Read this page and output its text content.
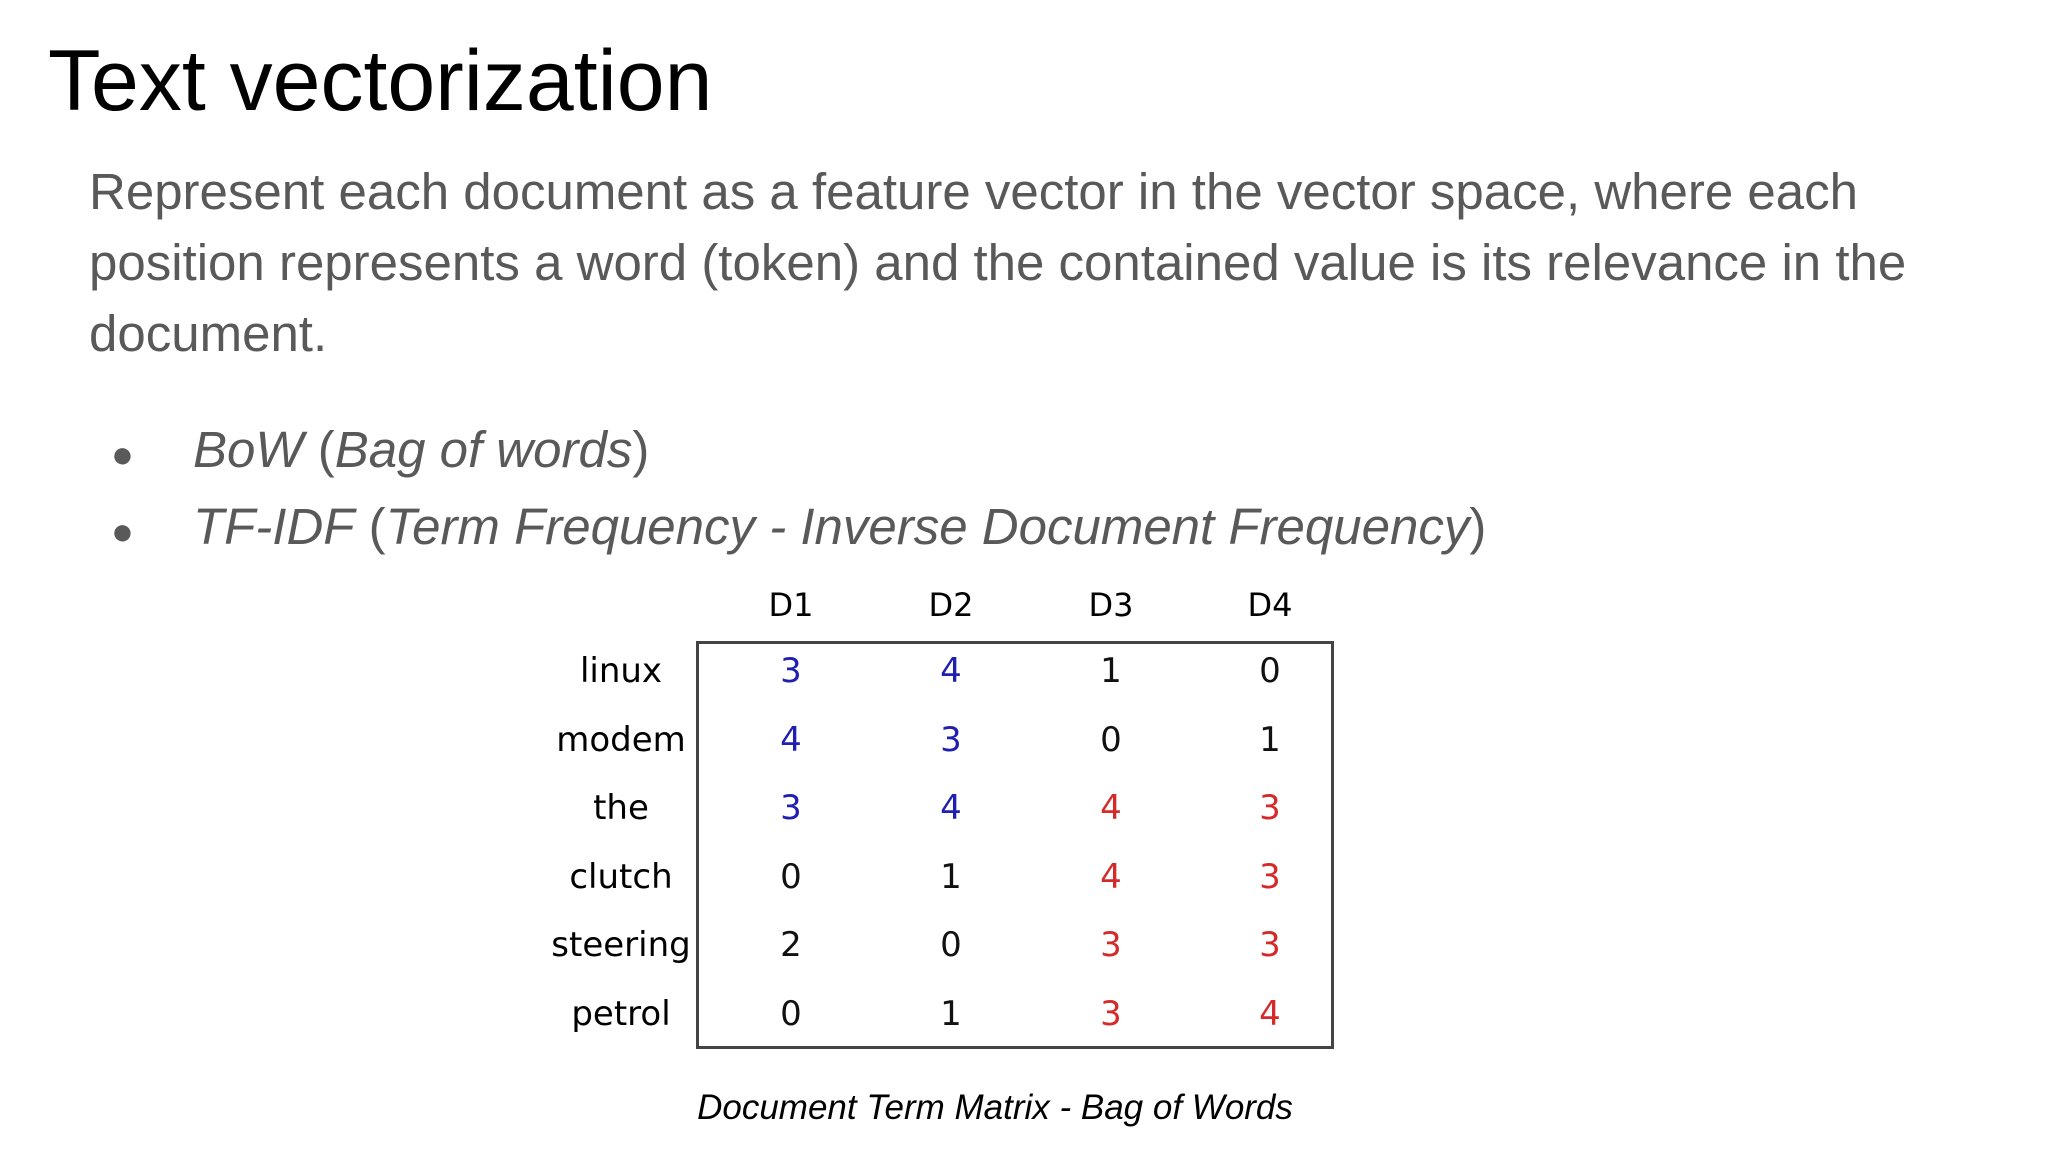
Text vectorization

Represent each document as a feature vector in the vector space, where each position represents a word (token) and the contained value is its relevance in the document.

●	BoW (Bag of words)
●	TF-IDF (Term Frequency - Inverse Document Frequency)
D1	D2	D3	D4
linux	3	4	1	0
modem	4	3	0	1
the	3	4	4	3
clutch	0	1	4	3
steering	2	0	3	3
petrol	0	1	3	4
Document Term Matrix - Bag of Words
